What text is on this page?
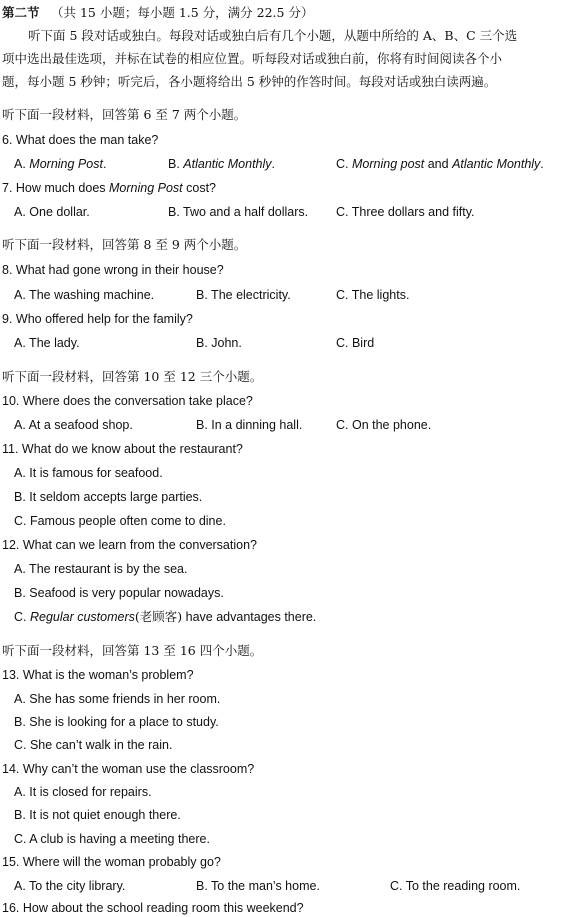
第二节 （共 15 小题；每小题 1.5 分，满分 22.5 分）
听下面 5 段对话或独白。每段对话或独白后有几个小题，从题中所给的 A、B、C 三个选
项中选出最佳选项，并标在试卷的相应位置。听每段对话或独白前，你将有时间阅读各个小
题，每小题 5 秒钟；听完后，各小题将给出 5 秒钟的作答时间。每段对话或独白读两遍。
听下面一段材料，回答第 6 至 7 两个小题。
6. What does the man take?
A. Morning Post.	B. Atlantic Monthly.	C. Morning post and Atlantic Monthly.
7. How much does Morning Post cost?
A. One dollar.	B. Two and a half dollars. C. Three dollars and fifty.
听下面一段材料，回答第 8 至 9 两个小题。
8. What had gone wrong in their house?
A. The washing machine.	B. The electricity.	C. The lights.
9. Who offered help for the family?
A. The lady.	B. John.	C. Bird
听下面一段材料，回答第 10 至 12 三个小题。
10. Where does the conversation take place?
A. At a seafood shop.	B. In a dinning hall.	C. On the phone.
11. What do we know about the restaurant?
A. It is famous for seafood.
B. It seldom accepts large parties.
C. Famous people often come to dine.
12. What can we learn from the conversation?
A. The restaurant is by the sea.
B. Seafood is very popular nowadays.
C. Regular customers(老顾客) have advantages there.
听下面一段材料，回答第 13 至 16 四个小题。
13. What is the woman’s problem?
A. She has some friends in her room.
B. She is looking for a place to study.
C. She can’t walk in the rain.
14. Why can’t the woman use the classroom?
A. It is closed for repairs.
B. It is not quiet enough there.
C. A club is having a meeting there.
15. Where will the woman probably go?
A. To the city library.	B. To the man’s home.	C. To the reading room.
16. How about the school reading room this weekend?
